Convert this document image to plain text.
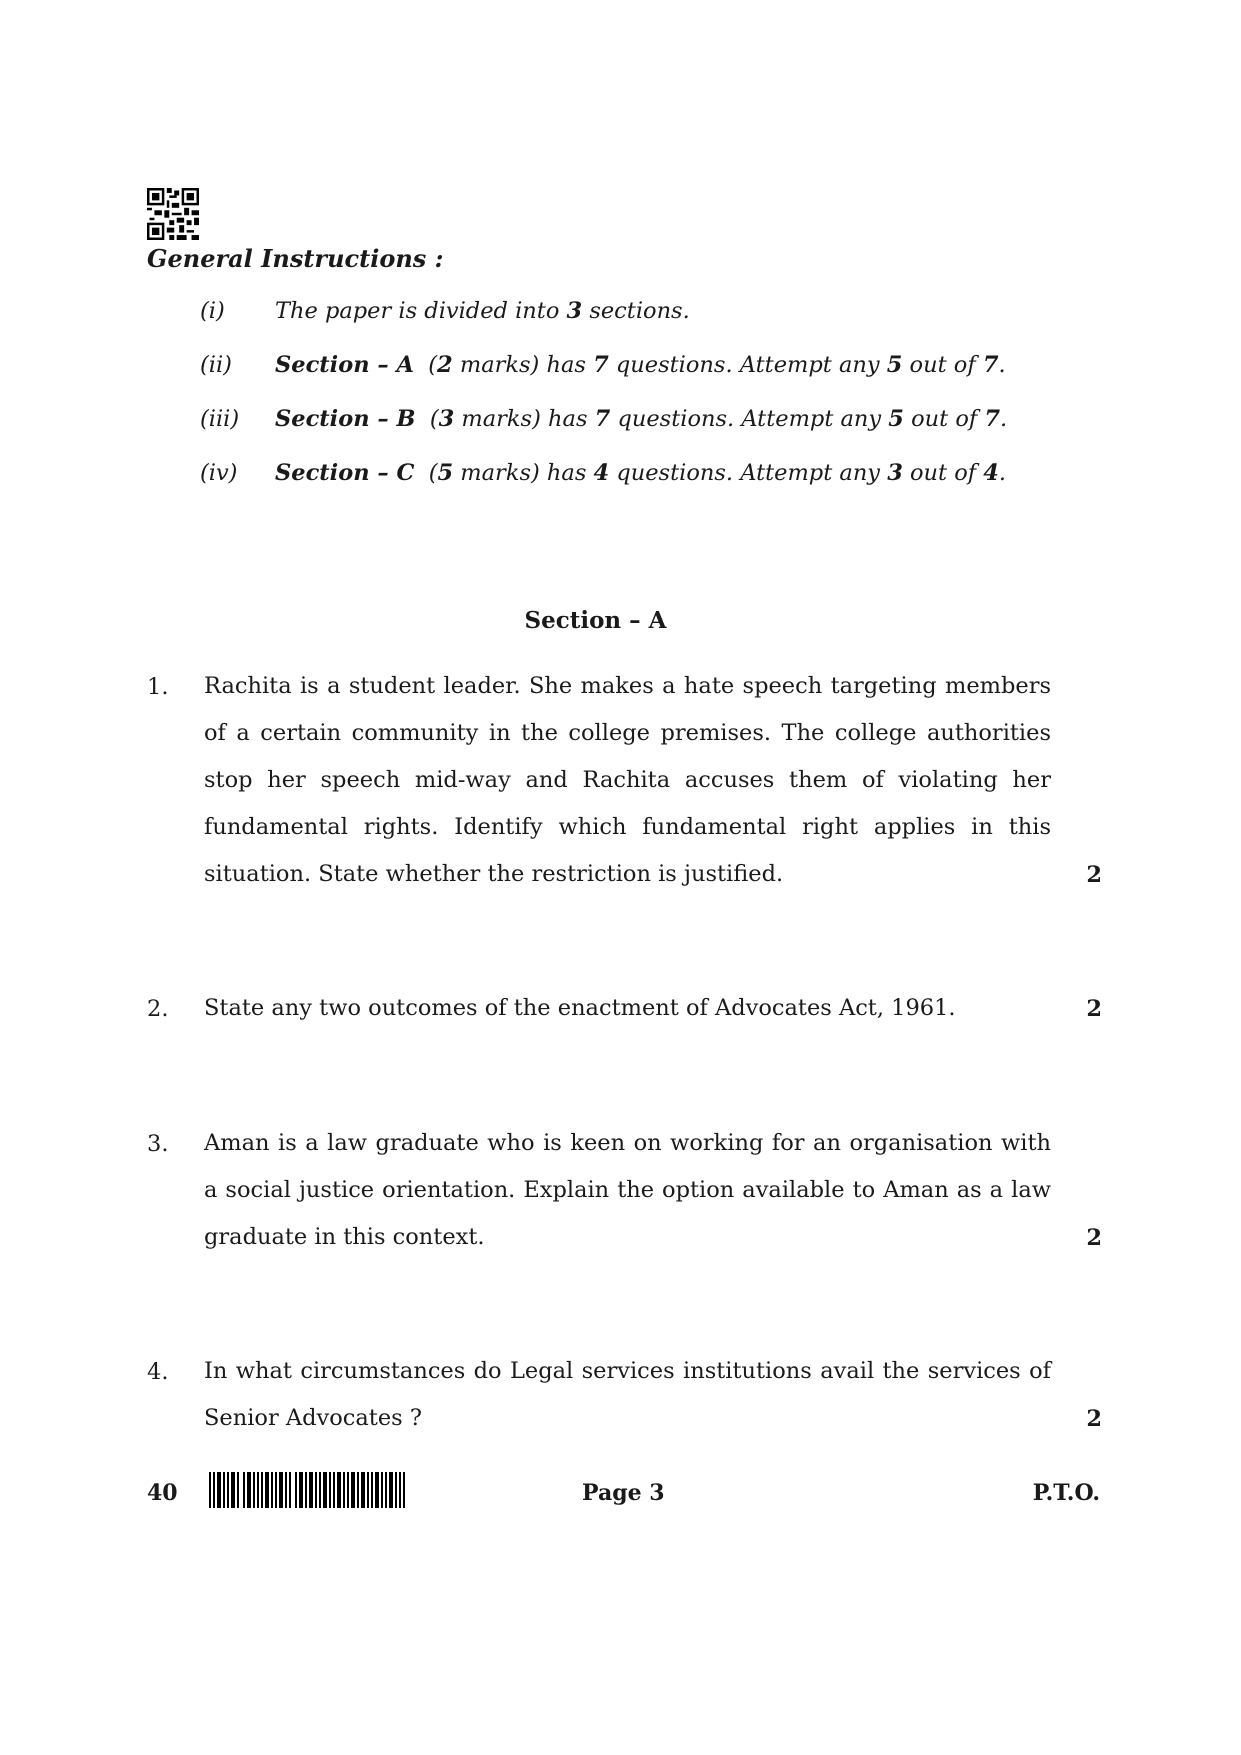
General Instructions :
(i)	The paper is divided into 3 sections.
(ii)	Section – A (2 marks) has 7 questions. Attempt any 5 out of 7.
(iii)	Section – B (3 marks) has 7 questions. Attempt any 5 out of 7.
(iv)	Section – C (5 marks) has 4 questions. Attempt any 3 out of 4.
Section – A
1. Rachita is a student leader. She makes a hate speech targeting members of a certain community in the college premises. The college authorities stop her speech mid-way and Rachita accuses them of violating her fundamental rights. Identify which fundamental right applies in this situation. State whether the restriction is justified.	2
2. State any two outcomes of the enactment of Advocates Act, 1961.	2
3. Aman is a law graduate who is keen on working for an organisation with a social justice orientation. Explain the option available to Aman as a law graduate in this context.	2
4. In what circumstances do Legal services institutions avail the services of Senior Advocates ?	2
40	Page 3	P.T.O.
